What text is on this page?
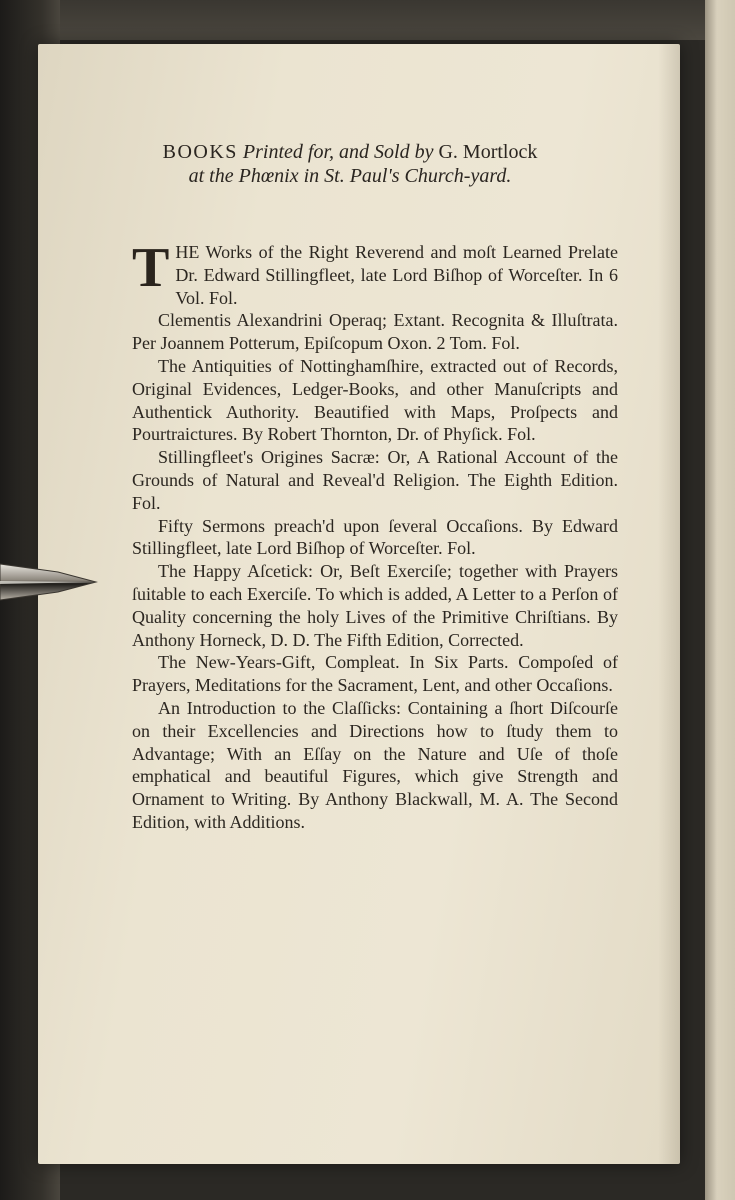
BOOKS Printed for, and Sold by G. Mortlock
at the Phœnix in St. Paul's Church-yard.

THE Works of the Right Reverend and moſt Learned Prelate Dr. Edward Stillingfleet, late Lord Biſhop of Worceſter. In 6 Vol. Fol.

Clementis Alexandrini Operaq; Extant. Recognita & Illuſtrata. Per Joannem Potterum, Epiſcopum Oxon. 2 Tom. Fol.

The Antiquities of Nottinghamſhire, extracted out of Records, Original Evidences, Ledger-Books, and other Manuſcripts and Authentick Authority. Beautified with Maps, Proſpects and Pourtraictures. By Robert Thornton, Dr. of Phyſick. Fol.

Stillingfleet's Origines Sacræ: Or, A Rational Account of the Grounds of Natural and Reveal'd Religion. The Eighth Edition. Fol.

Fifty Sermons preach'd upon ſeveral Occaſions. By Edward Stillingfleet, late Lord Biſhop of Worceſter. Fol.

The Happy Aſcetick: Or, Beſt Exerciſe; together with Prayers ſuitable to each Exerciſe. To which is added, A Letter to a Perſon of Quality concerning the holy Lives of the Primitive Chriſtians. By Anthony Horneck, D. D. The Fifth Edition, Corrected.

The New-Years-Gift, Compleat. In Six Parts. Compoſed of Prayers, Meditations for the Sacrament, Lent, and other Occaſions.

An Introduction to the Claſſicks: Containing a ſhort Diſcourſe on their Excellencies and Directions how to ſtudy them to Advantage; With an Eſſay on the Nature and Uſe of thoſe emphatical and beautiful Figures, which give Strength and Ornament to Writing. By Anthony Blackwall, M. A. The Second Edition, with Additions.
